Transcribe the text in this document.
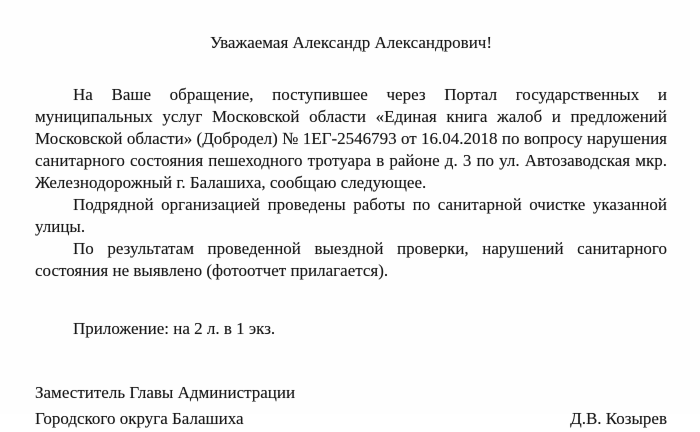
Уважаемая Александр Александрович!

На Ваше обращение, поступившее через Портал государственных и муниципальных услуг Московской области «Единая книга жалоб и предложений Московской области» (Добродел) № 1ЕГ-2546793 от 16.04.2018 по вопросу нарушения санитарного состояния пешеходного тротуара в районе д. 3 по ул. Автозаводская мкр. Железнодорожный г. Балашиха, сообщаю следующее.

Подрядной организацией проведены работы по санитарной очистке указанной улицы.

По результатам проведенной выездной проверки, нарушений санитарного состояния не выявлено (фотоотчет прилагается).

Приложение: на 2 л. в 1 экз.

Заместитель Главы Администрации
Городского округа Балашиха	Д.В. Козырев
